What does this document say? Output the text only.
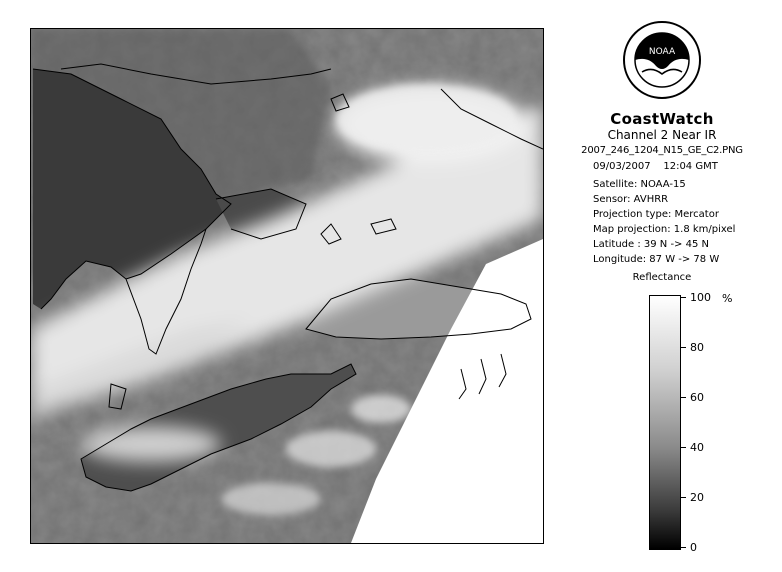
NOAA
CoastWatch
Channel 2 Near IR
2007_246_1204_N15_GE_C2.PNG
09/03/2007    12:04 GMT
Satellite: NOAA-15
Sensor: AVHRR
Projection type: Mercator
Map projection: 1.8 km/pixel
Latitude : 39 N -> 45 N
Longitude: 87 W -> 78 W
Reflectance
%
100
80
60
40
20
0
